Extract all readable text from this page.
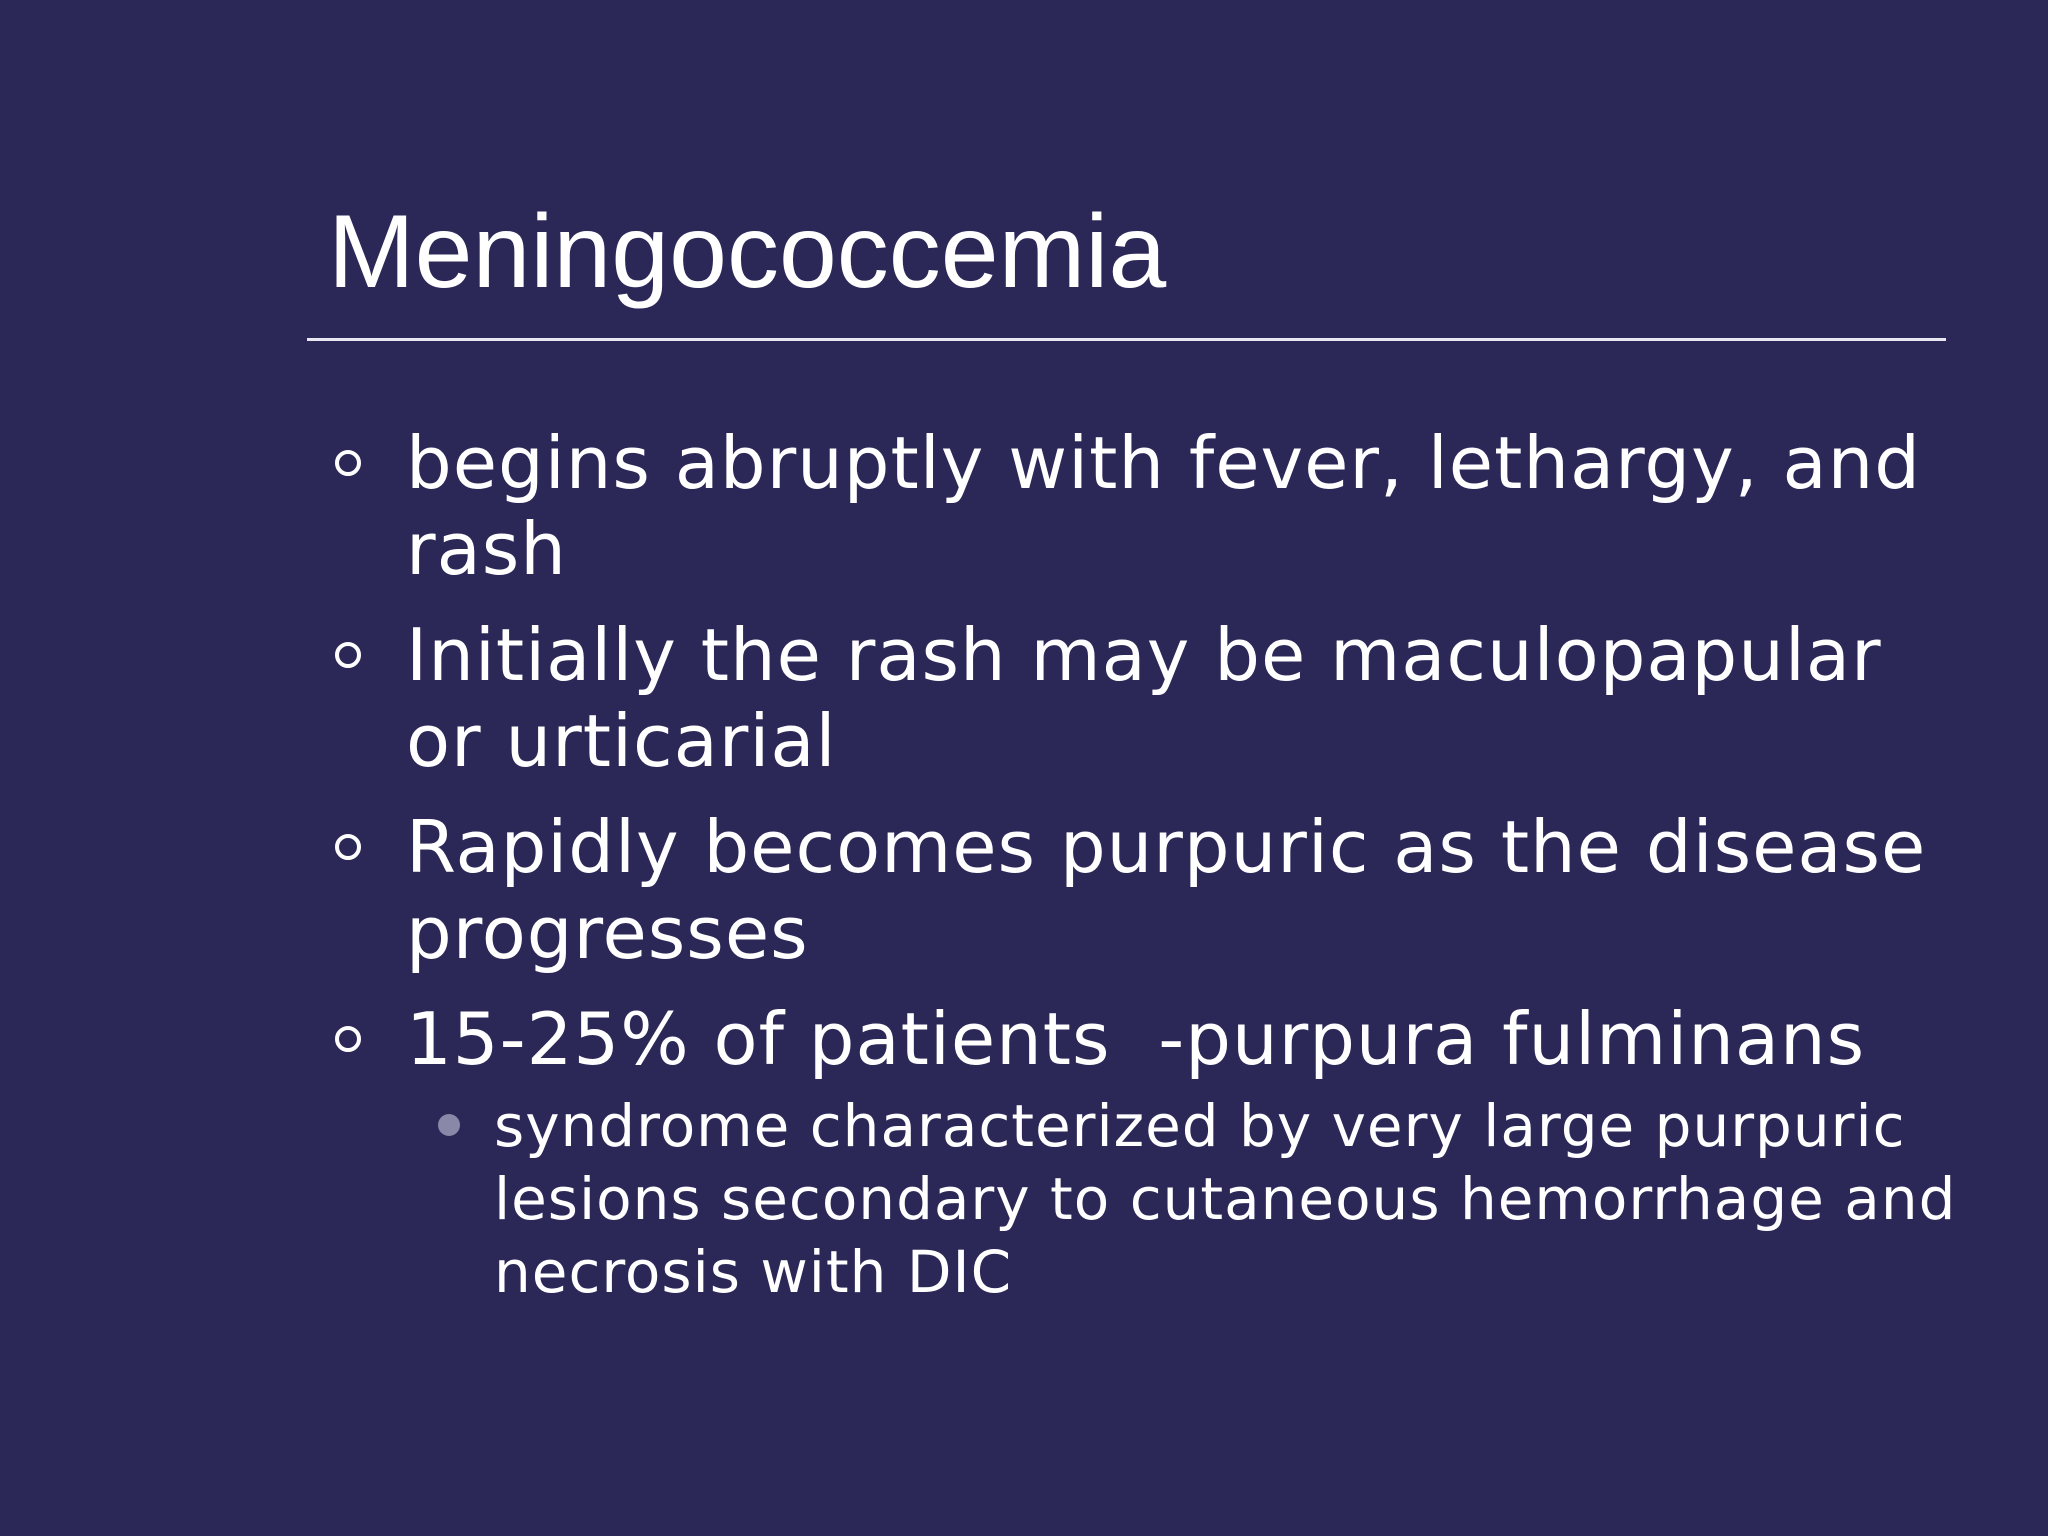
Meningococcemia
begins abruptly with fever, lethargy, and rash
Initially the rash may be maculopapular or urticarial
Rapidly becomes purpuric as the disease progresses
15-25% of patients  -purpura fulminans
syndrome characterized by very large purpuric lesions secondary to cutaneous hemorrhage and necrosis with DIC
